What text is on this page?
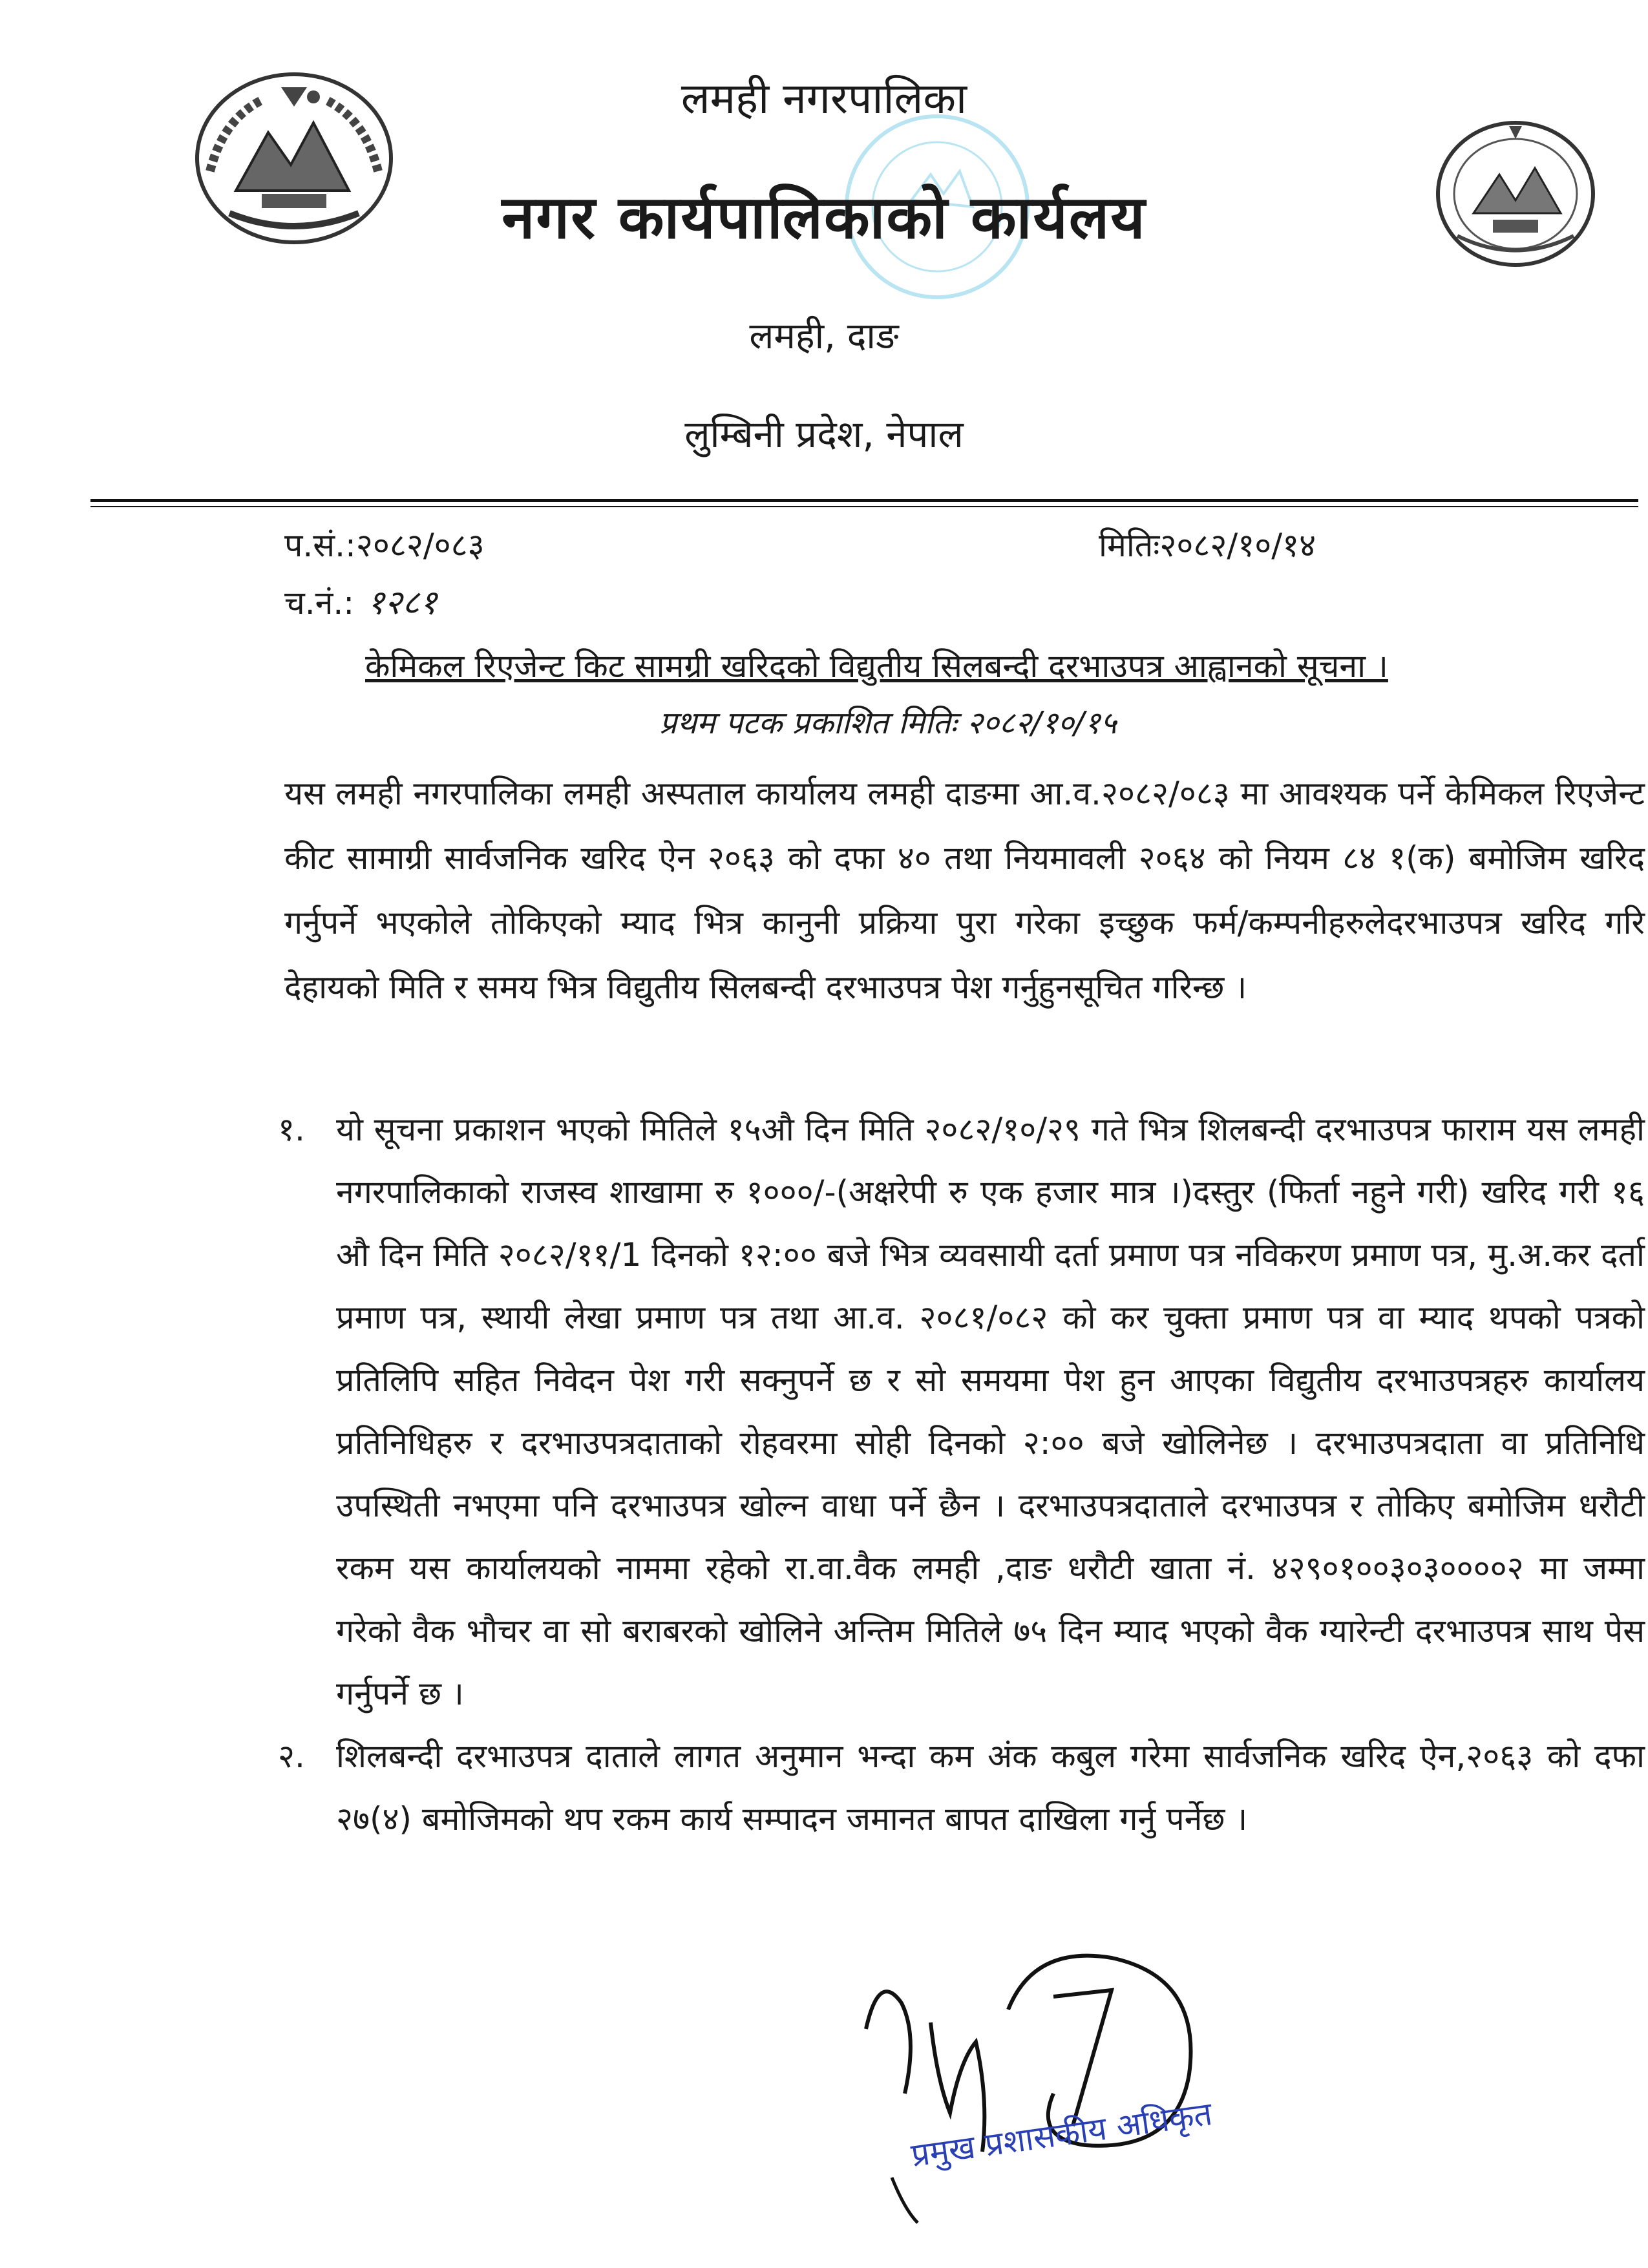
लमही नगरपालिका
नगर कार्यपालिकाको कार्यलय
लमही, दाङ
लुम्बिनी प्रदेश, नेपाल
प.सं.:२०८२/०८३	मितिः२०८२/१०/१४
च.नं.: १२८१
केमिकल रिएजेन्ट किट सामग्री खरिदको विद्युतीय सिलबन्दी दरभाउपत्र आह्वानको सूचना ।
प्रथम पटक प्रकाशित मितिः २०८२/१०/१५
यस लमही नगरपालिका लमही अस्पताल कार्यालय लमही दाङमा आ.व.२०८२/०८३ मा आवश्यक पर्ने केमिकल रिएजेन्ट कीट सामाग्री सार्वजनिक खरिद ऐन २०६३ को दफा ४० तथा नियमावली २०६४ को नियम ८४ १(क) बमोजिम खरिद गर्नुपर्ने भएकोले तोकिएको म्याद भित्र कानुनी प्रक्रिया पुरा गरेका इच्छुक फर्म/कम्पनीहरुलेदरभाउपत्र खरिद गरि देहायको मिति र समय भित्र विद्युतीय सिलबन्दी दरभाउपत्र पेश गर्नुहुनसूचित गरिन्छ ।
१. यो सूचना प्रकाशन भएको मितिले १५औ दिन मिति २०८२/१०/२९ गते भित्र शिलबन्दी दरभाउपत्र फाराम यस लमही नगरपालिकाको राजस्व शाखामा रु १०००/-(अक्षरेपी रु एक हजार मात्र ।)दस्तुर (फिर्ता नहुने गरी) खरिद गरी १६ औ दिन मिति २०८२/११/1 दिनको १२:०० बजे भित्र व्यवसायी दर्ता प्रमाण पत्र नविकरण प्रमाण पत्र, मु.अ.कर दर्ता प्रमाण पत्र, स्थायी लेखा प्रमाण पत्र तथा आ.व. २०८१/०८२ को कर चुक्ता प्रमाण पत्र वा म्याद थपको पत्रको प्रतिलिपि सहित निवेदन पेश गरी सक्नुपर्ने छ र सो समयमा पेश हुन आएका विद्युतीय दरभाउपत्रहरु कार्यालय प्रतिनिधिहरु र दरभाउपत्रदाताको रोहवरमा सोही दिनको २:०० बजे खोलिनेछ । दरभाउपत्रदाता वा प्रतिनिधि उपस्थिती नभएमा पनि दरभाउपत्र खोल्न वाधा पर्ने छैन । दरभाउपत्रदाताले दरभाउपत्र र तोकिए बमोजिम धरौटी रकम यस कार्यालयको नाममा रहेको रा.वा.वैक लमही ,दाङ धरौटी खाता नं. ४२९०१००३०३००००२ मा जम्मा गरेको वैक भौचर वा सो बराबरको खोलिने अन्तिम मितिले ७५ दिन म्याद भएको वैक ग्यारेन्टी दरभाउपत्र साथ पेस गर्नुपर्ने छ ।
२. शिलबन्दी दरभाउपत्र दाताले लागत अनुमान भन्दा कम अंक कबुल गरेमा सार्वजनिक खरिद ऐन,२०६३ को दफा २७(४) बमोजिमको थप रकम कार्य सम्पादन जमानत बापत दाखिला गर्नु पर्नेछ ।
प्रमुख प्रशासकीय अधिकृत
